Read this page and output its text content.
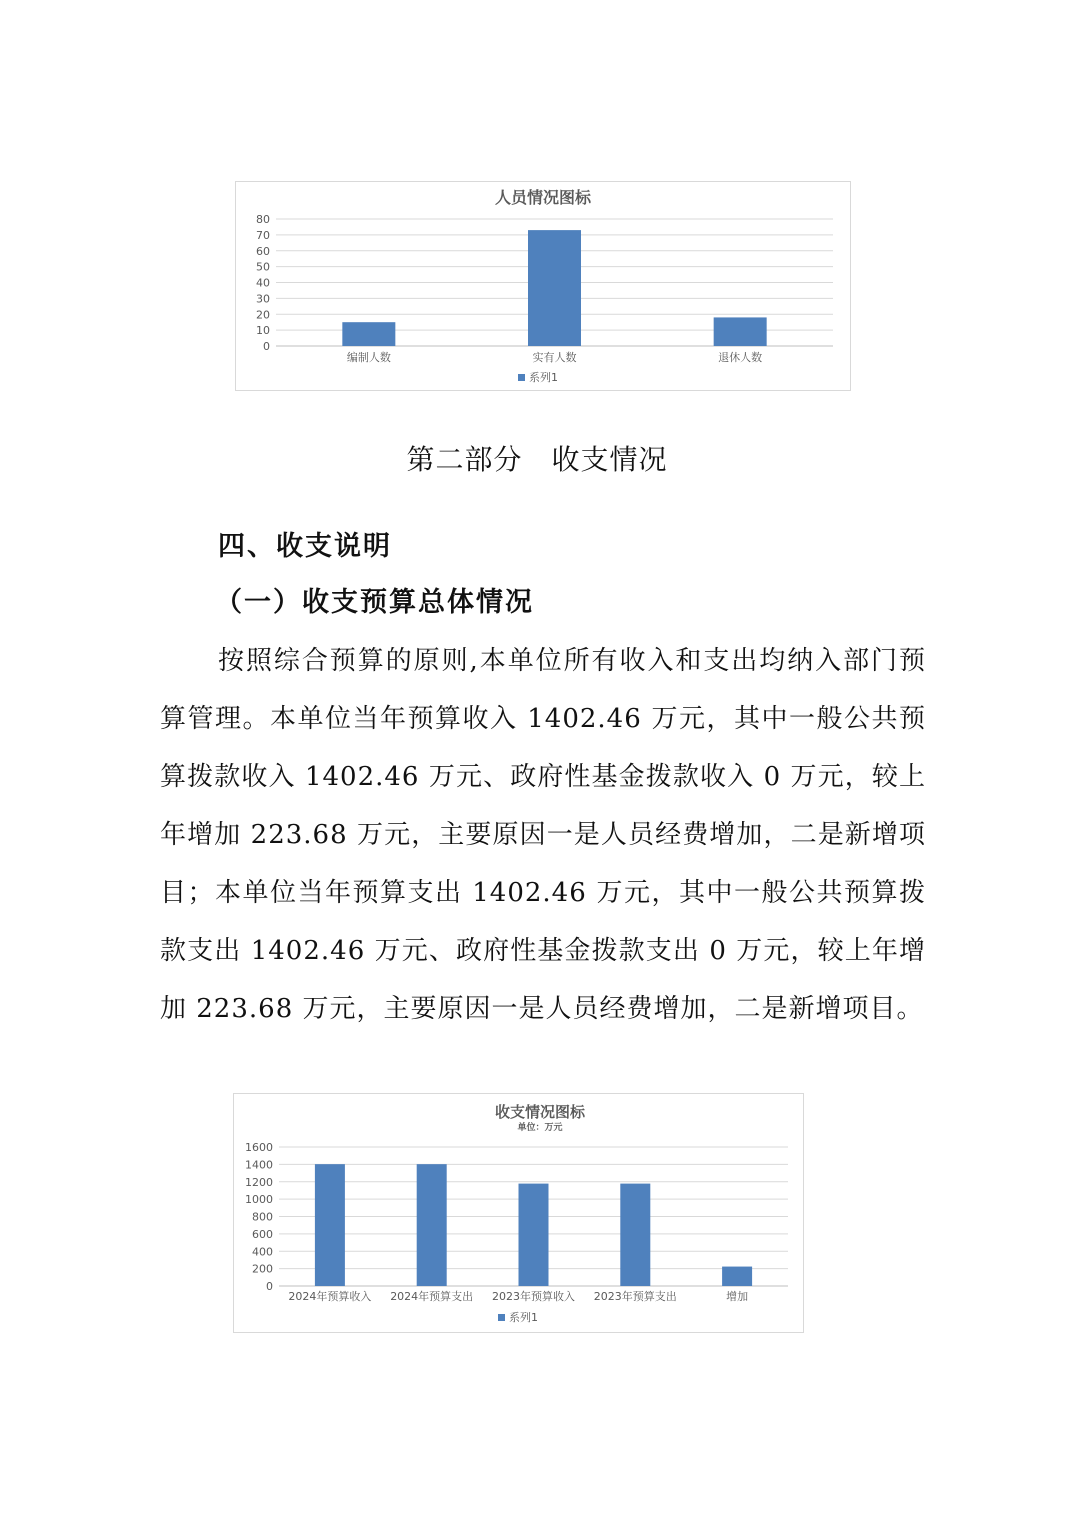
人员情况图标
0
10
20
30
40
50
60
70
80
编制人数	实有人数	退休人数
系列1
第二部分　收支情况
四、收支说明
（一）收支预算总体情况

按照综合预算的原则,本单位所有收入和支出均纳入部门预算管理。本单位当年预算收入 1402.46 万元，其中一般公共预算拨款收入 1402.46 万元、政府性基金拨款收入 0 万元，较上年增加 223.68 万元，主要原因一是人员经费增加，二是新增项目；本单位当年预算支出 1402.46 万元，其中一般公共预算拨款支出 1402.46 万元、政府性基金拨款支出 0 万元，较上年增加 223.68 万元，主要原因一是人员经费增加，二是新增项目。

收支情况图标
单位：万元
0
200
400
600
800
1000
1200
1400
1600
2024年预算收入 2024年预算支出 2023年预算收入 2023年预算支出	增加
系列1
